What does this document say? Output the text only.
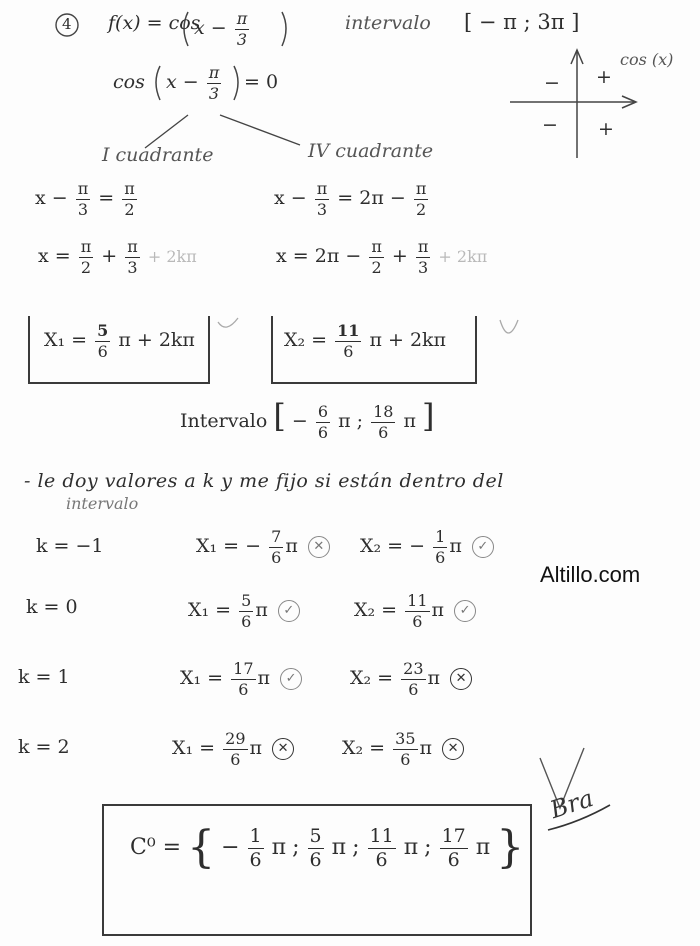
4 f(x) = cos
$x - \frac{\pi}{3}$	intervalo [ − π ; 3π ]
$\cos x - \frac{\pi}{3} = 0$
cos (x)
− +
− +
I cuadrante	IV cuadrante
$x - \frac{\pi}{3} = \frac{\pi}{2}$
$x = \frac{\pi}{2} + \frac{\pi}{3} + 2k\pi$
$x - \frac{\pi}{3} = 2\pi - \frac{\pi}{2}$
$x = 2\pi - \frac{\pi}{2} + \frac{\pi}{3} + 2k\pi$
$X_1 = \frac{5}{6}$ π + 2kπ	$X_2 = \frac{11}{6}$ π + 2kπ
Intervalo [ − $\frac{6}{6}$ π ; $\frac{18}{6}$ π ]
- le doy valores a k y me fijo si están dentro del
intervalo
k = −1	X₁ = − $\frac{7}{6}$ π ✕ X₂ = − $\frac{1}{6}$ π ✓
k = 0	$X_1 = \frac{5}{6}$ π ✓	$X_2 = \frac{11}{6}$ π ✓
k = 1	$X_1 = \frac{17}{6}$ π ✓	$X_2 = \frac{23}{6}$ π ✕
k = 2	$X_1 = \frac{29}{6}$ π ✕	$X_2 = \frac{35}{6}$ π ✕
Altillo.com
Bra
C⁰ = { − $\frac{1}{6}$ π ; $\frac{5}{6}$ π ; $\frac{11}{6}$ π ; $\frac{17}{6}$ π }
